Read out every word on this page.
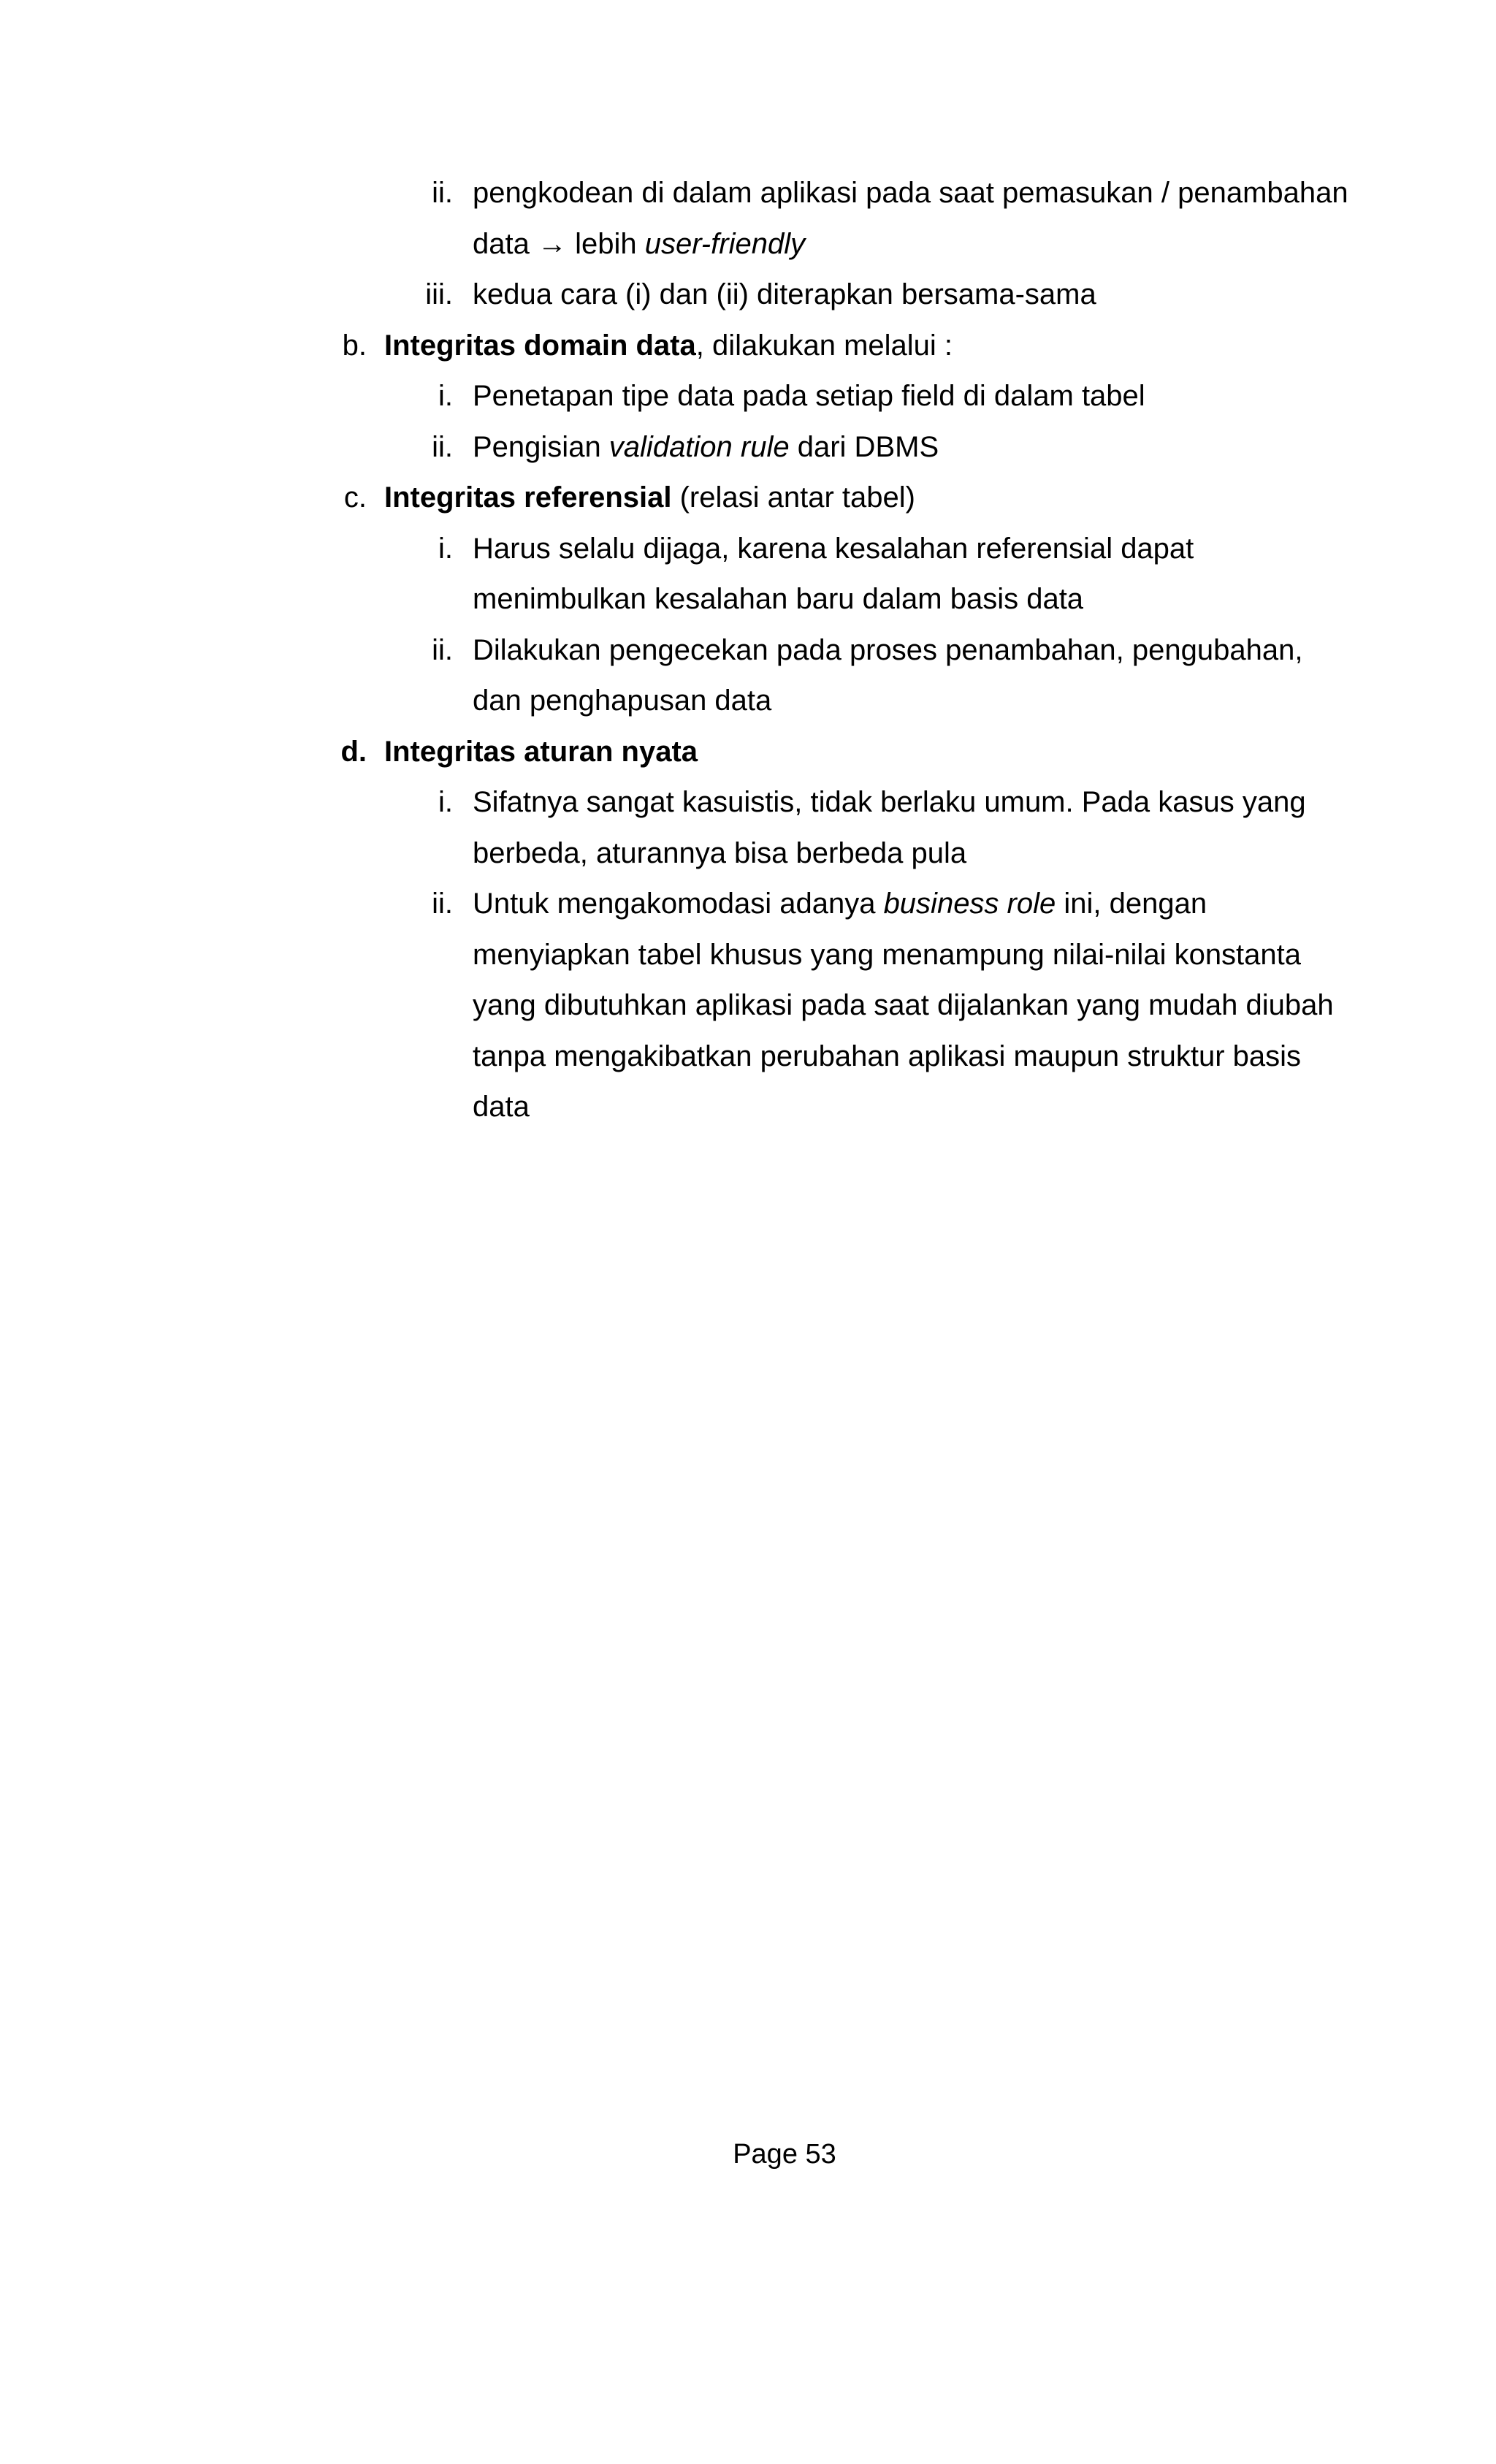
ii. pengkodean di dalam aplikasi pada saat pemasukan / penambahan
data → lebih user-friendly
iii. kedua cara (i) dan (ii) diterapkan bersama-sama
b. Integritas domain data, dilakukan melalui :
i. Penetapan tipe data pada setiap field di dalam tabel
ii. Pengisian validation rule dari DBMS
c. Integritas referensial (relasi antar tabel)
i. Harus selalu dijaga, karena kesalahan referensial dapat
menimbulkan kesalahan baru dalam basis data
ii. Dilakukan pengecekan pada proses penambahan, pengubahan,
dan penghapusan data
d. Integritas aturan nyata
i. Sifatnya sangat kasuistis, tidak berlaku umum. Pada kasus yang
berbeda, aturannya bisa berbeda pula
ii. Untuk mengakomodasi adanya business role ini, dengan
menyiapkan tabel khusus yang menampung nilai-nilai konstanta
yang dibutuhkan aplikasi pada saat dijalankan yang mudah diubah
tanpa mengakibatkan perubahan aplikasi maupun struktur basis
data
Page 53
